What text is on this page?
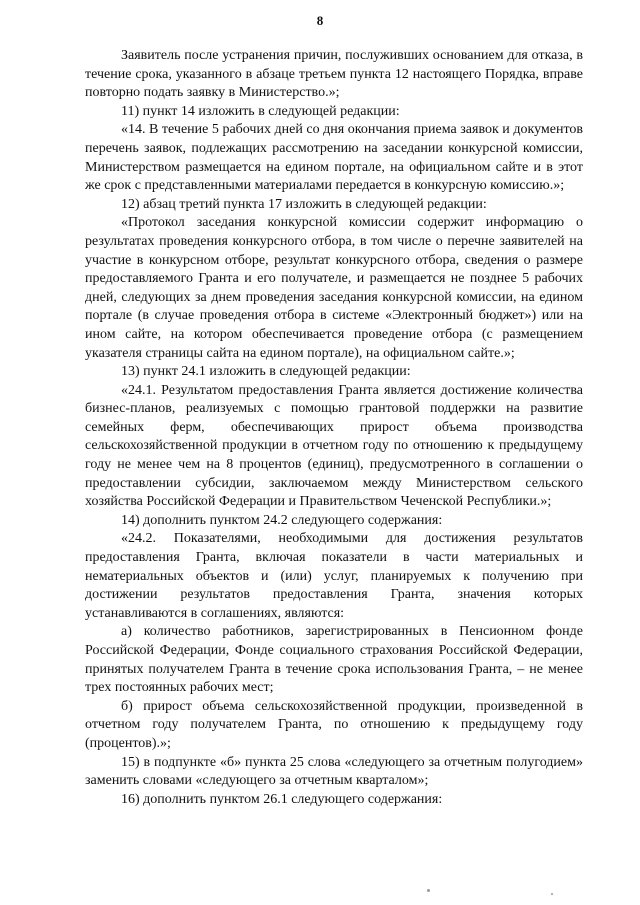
8

Заявитель после устранения причин, послуживших основанием для отказа, в течение срока, указанного в абзаце третьем пункта 12 настоящего Порядка, вправе повторно подать заявку в Министерство.»;

11) пункт 14 изложить в следующей редакции:

«14. В течение 5 рабочих дней со дня окончания приема заявок и документов перечень заявок, подлежащих рассмотрению на заседании конкурсной комиссии, Министерством размещается на едином портале, на официальном сайте и в этот же срок с представленными материалами передается в конкурсную комиссию.»;

12) абзац третий пункта 17 изложить в следующей редакции:

«Протокол заседания конкурсной комиссии содержит информацию о результатах проведения конкурсного отбора, в том числе о перечне заявителей на участие в конкурсном отборе, результат конкурсного отбора, сведения о размере предоставляемого Гранта и его получателе, и размещается не позднее 5 рабочих дней, следующих за днем проведения заседания конкурсной комиссии, на едином портале (в случае проведения отбора в системе «Электронный бюджет») или на ином сайте, на котором обеспечивается проведение отбора (с размещением указателя страницы сайта на едином портале), на официальном сайте.»;

13) пункт 24.1 изложить в следующей редакции:

«24.1. Результатом предоставления Гранта является достижение количества бизнес-планов, реализуемых с помощью грантовой поддержки на развитие семейных ферм, обеспечивающих прирост объема производства сельскохозяйственной продукции в отчетном году по отношению к предыдущему году не менее чем на 8 процентов (единиц), предусмотренного в соглашении о предоставлении субсидии, заключаемом между Министерством сельского хозяйства Российской Федерации и Правительством Чеченской Республики.»;

14) дополнить пунктом 24.2 следующего содержания:

«24.2. Показателями, необходимыми для достижения результатов предоставления Гранта, включая показатели в части материальных и нематериальных объектов и (или) услуг, планируемых к получению при достижении результатов предоставления Гранта, значения которых устанавливаются в соглашениях, являются:

а) количество работников, зарегистрированных в Пенсионном фонде Российской Федерации, Фонде социального страхования Российской Федерации, принятых получателем Гранта в течение срока использования Гранта, – не менее трех постоянных рабочих мест;

б) прирост объема сельскохозяйственной продукции, произведенной в отчетном году получателем Гранта, по отношению к предыдущему году (процентов).»;

15) в подпункте «б» пункта 25 слова «следующего за отчетным полугодием» заменить словами «следующего за отчетным кварталом»;

16) дополнить пунктом 26.1 следующего содержания:
